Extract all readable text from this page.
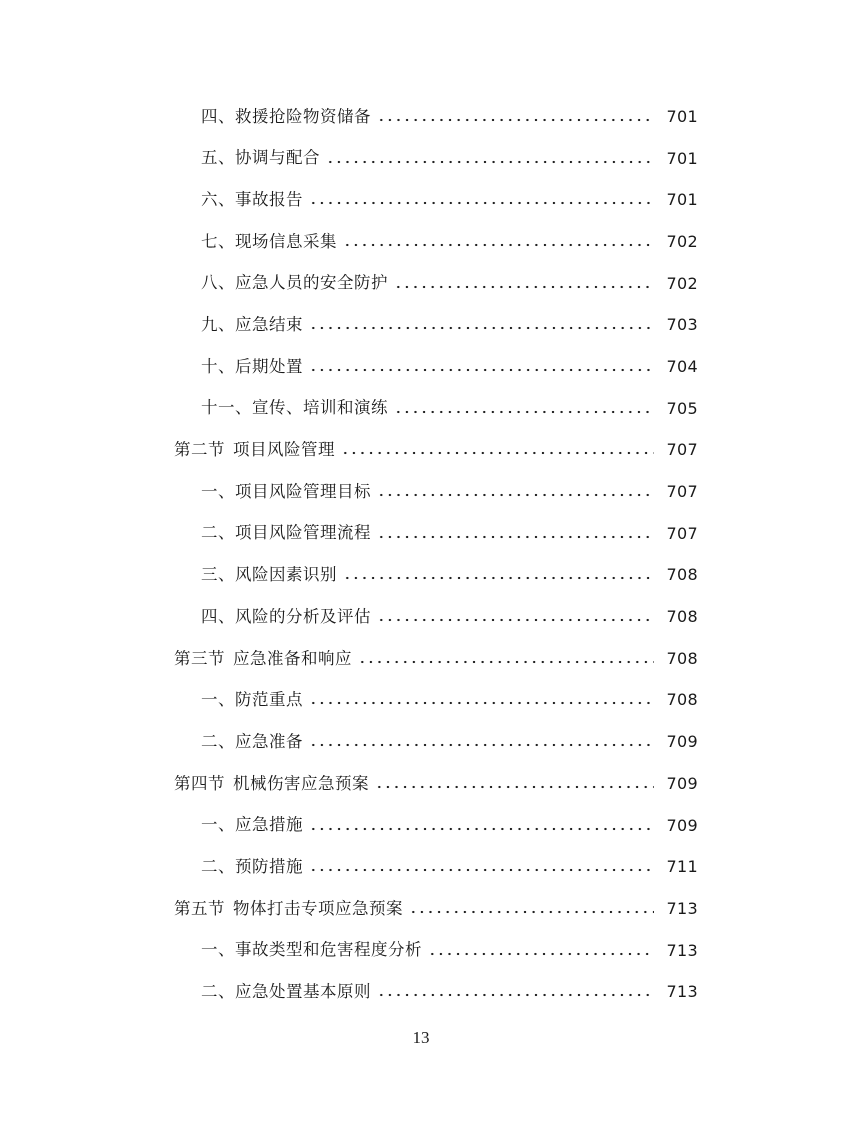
四、救援抢险物资储备	701
五、协调与配合	701
六、事故报告	701
七、现场信息采集	702
八、应急人员的安全防护	702
九、应急结束	703
十、后期处置	704
十一、宣传、培训和演练	705
第二节 项目风险管理	707
一、项目风险管理目标	707
二、项目风险管理流程	707
三、风险因素识别	708
四、风险的分析及评估	708
第三节 应急准备和响应	708
一、防范重点	708
二、应急准备	709
第四节 机械伤害应急预案	709
一、应急措施	709
二、预防措施	711
第五节 物体打击专项应急预案	713
一、事故类型和危害程度分析	713
二、应急处置基本原则	713
13
